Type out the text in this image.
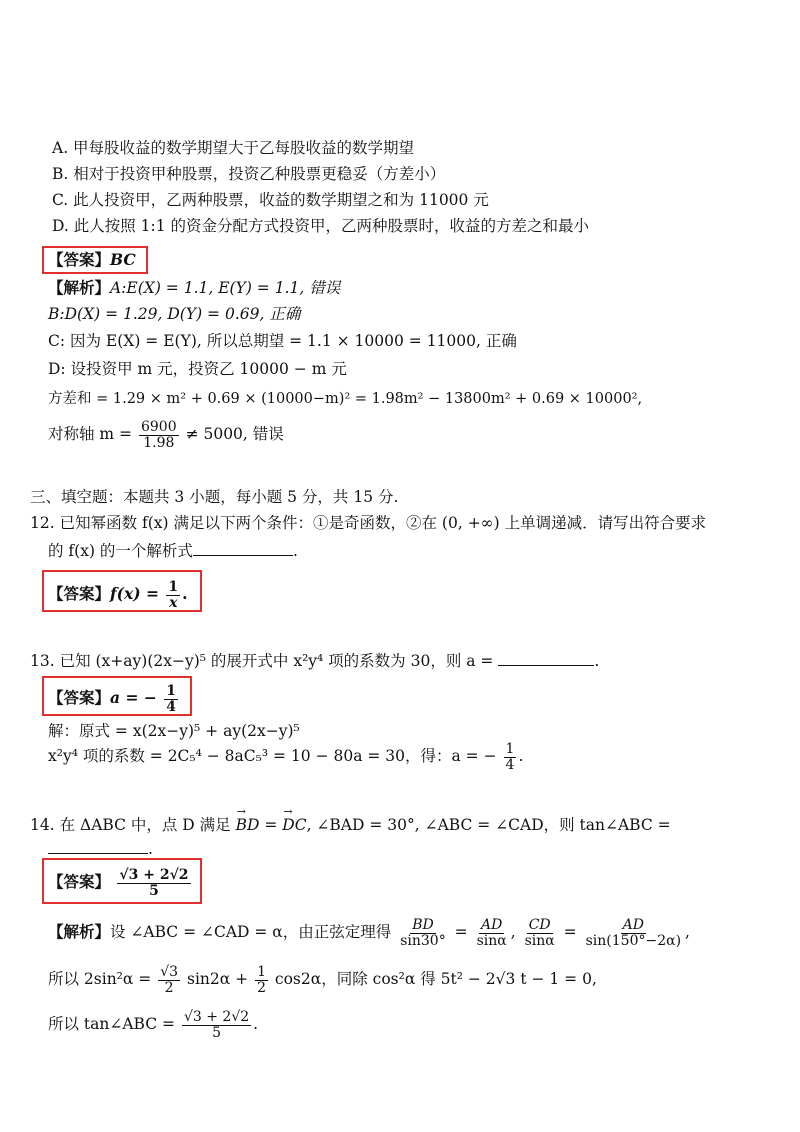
A. 甲每股收益的数学期望大于乙每股收益的数学期望
B. 相对于投资甲种股票，投资乙种股票更稳妥（方差小）
C. 此人投资甲，乙两种股票，收益的数学期望之和为 11000 元
D. 此人按照 1:1 的资金分配方式投资甲，乙两种股票时，收益的方差之和最小
【答案】BC
【解析】A:E(X) = 1.1, E(Y) = 1.1, 错误
B:D(X) = 1.29, D(Y) = 0.69, 正确
C: 因为 E(X) = E(Y), 所以总期望 = 1.1 × 10000 = 11000, 正确
D: 设投资甲 m 元，投资乙 10000 − m 元
方差和 = 1.29 × m² + 0.69 × (10000−m)² = 1.98m² − 13800m² + 0.69 × 10000²,
对称轴 $m = \frac{6900}{1.98} \ne 5000$, 错误
三、填空题：本题共 3 小题，每小题 5 分，共 15 分.
12. 已知幂函数 f(x) 满足以下两个条件：①是奇函数，②在 (0, +∞) 上单调递减．请写出符合要求
的 f(x) 的一个解析式	.
【答案】$f(x) = \frac{1}{x}$ .
13. 已知 (x+ay)(2x−y)⁵ 的展开式中 x²y⁴ 项的系数为 30，则 a =	.
【答案】a = − $\frac{1}{4}$
解：原式 = x(2x−y)⁵ + ay(2x−y)⁵
x²y⁴ 项的系数 = 2C₅⁴ − 8aC₅³ = 10 − 80a = 30，得：a = − $\frac{1}{4}$ .
14. 在 ΔABC 中，点 D 满足 → BD = → DC, ∠BAD = 30°, ∠ABC = ∠CAD，则 tan∠ABC =
.
【答案】 $\frac{√3 + 2√2}{5}$
【解析】设 ∠ABC = ∠CAD = α，由正弦定理得 $\frac{BD}{\sin 30^\circ} = \frac{AD}{\sin\alpha}$ , $\frac{CD}{\sin\alpha} = \frac{AD}{\sin(150^\circ-2\alpha)}$ ,
所以 $2\sin^2\alpha = \frac{√3}{2} \sin 2\alpha + \frac{1}{2} \cos 2\alpha$，同除 cos²α 得 5t² − 2√3 t − 1 = 0,
所以 tan∠ABC = $\frac{√3 + 2√2}{5}$ .
